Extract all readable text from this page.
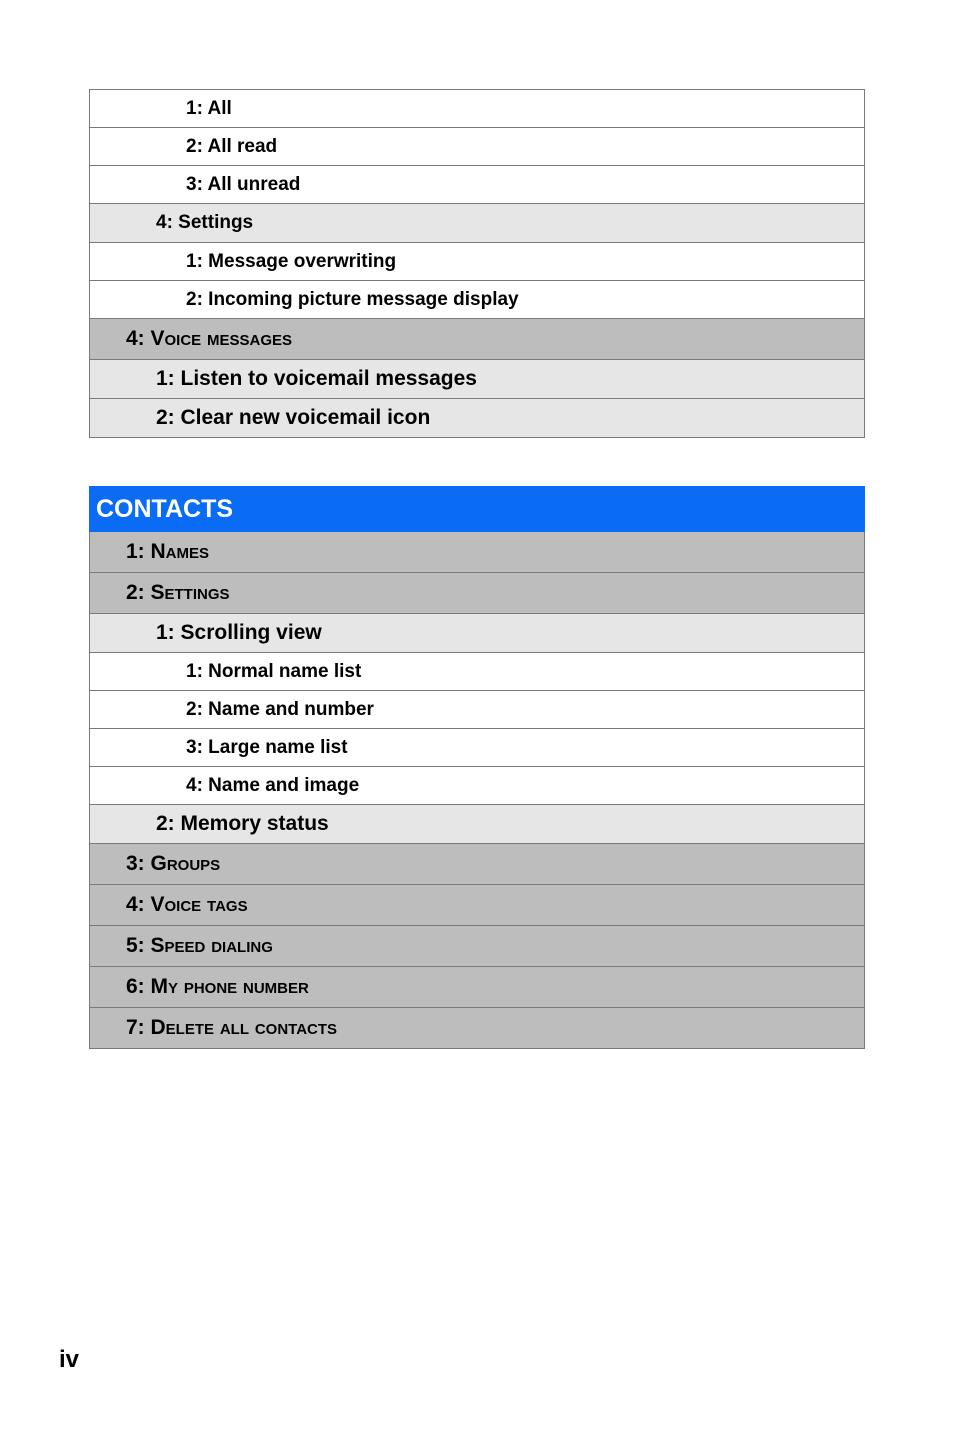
1: All
2: All read
3: All unread
4: Settings
1: Message overwriting
2: Incoming picture message display
4: Voice messages
1: Listen to voicemail messages
2: Clear new voicemail icon
CONTACTS
1: Names
2: Settings
1: Scrolling view
1: Normal name list
2: Name and number
3: Large name list
4: Name and image
2: Memory status
3: Groups
4: Voice tags
5: Speed dialing
6: My phone number
7: Delete all contacts
iv
